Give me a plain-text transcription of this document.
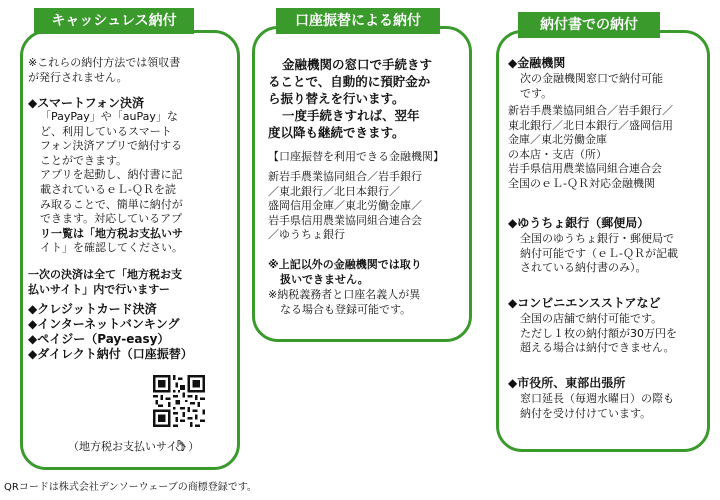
キャッシュレス納付
※これらの納付方法では領収書
が発行されません。
◆スマートフォン決済
「PayPay」や「auPay」な
ど、利用しているスマート
フォン決済アプリで納付する
ことができます。
アプリを起動し、納付書に記
載されているｅＬ-ＱＲを読
み取ることで、簡単に納付が
できます。対応しているアプ
リ一覧は「地方税お支払いサ
イト」を確認してください。
一次の決済は全て「地方税お支
払いサイト」内で行いますー
◆クレジットカード決済
◆インターネットバンキング
◆ペイジー（Pay-easy）
◆ダイレクト納付（口座振替）
（地方税お支払いサイト）
口座振替による納付
金融機関の窓口で手続きす
ることで、自動的に預貯金か
ら振り替えを行います。
一度手続きすれば、翌年
度以降も継続できます。
【口座振替を利用できる金融機関】
新岩手農業協同組合／岩手銀行
／東北銀行／北日本銀行／
盛岡信用金庫／東北労働金庫／
岩手県信用農業協同組合連合会
／ゆうちょ銀行
※上記以外の金融機関では取り
扱いできません。
※納税義務者と口座名義人が異
なる場合も登録可能です。
納付書での納付
◆金融機関
次の金融機関窓口で納付可能
です。
新岩手農業協同組合／岩手銀行／
東北銀行／北日本銀行／盛岡信用
金庫／東北労働金庫
の本店・支店（所）
岩手県信用農業協同組合連合会
全国のｅＬ-ＱＲ対応金融機関
◆ゆうちょ銀行（郵便局）
全国のゆうちょ銀行・郵便局で
納付可能です（ｅＬ-ＱＲが記載
されている納付書のみ）。
◆コンビニエンスストアなど
全国の店舗で納付可能です。
ただし１枚の納付額が30万円を
超える場合は納付できません。
◆市役所、東部出張所
窓口延長（毎週水曜日）の際も
納付を受け付けています。
QRコードは株式会社デンソーウェーブの商標登録です。
